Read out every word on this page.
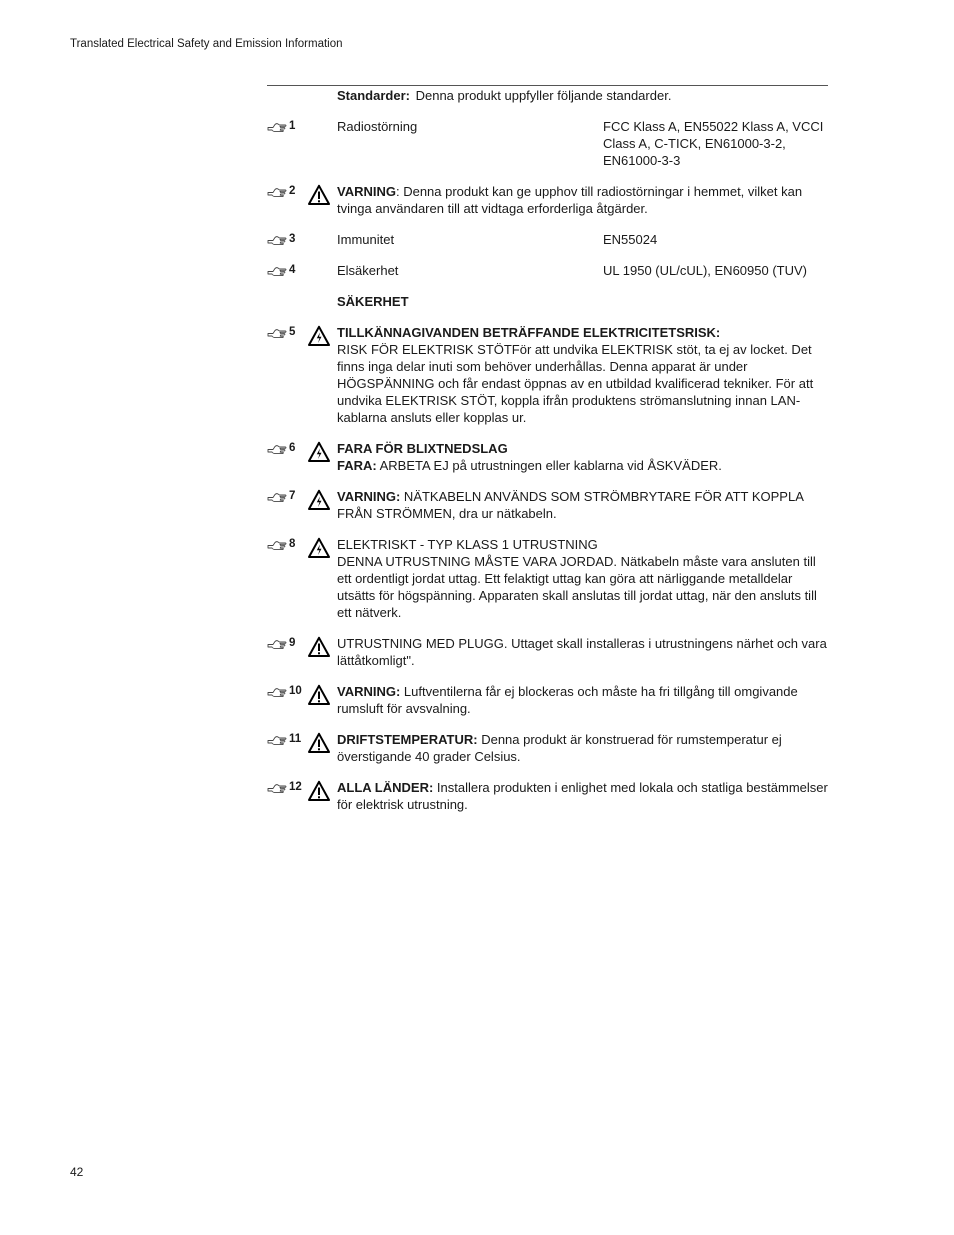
Translated Electrical Safety and Emission Information
Standarder: Denna produkt uppfyller följande standarder.
1	Radiostörning	FCC Klass A, EN55022 Klass A, VCCI Class A, C-TICK, EN61000-3-2, EN61000-3-3
2	VARNING: Denna produkt kan ge upphov till radiostörningar i hemmet, vilket kan tvinga användaren till att vidtaga erforderliga åtgärder.
3	Immunitet	EN55024
4	Elsäkerhet	UL 1950 (UL/cUL), EN60950 (TUV)
SÄKERHET
5	TILLKÄNNAGIVANDEN BETRÄFFANDE ELEKTRICITETSRISK:

RISK FÖR ELEKTRISK STÖTFör att undvika ELEKTRISK stöt, ta ej av locket. Det finns inga delar inuti som behöver underhållas. Denna apparat är under HÖGSPÄNNING och får endast öppnas av en utbildad kvalificerad tekniker. För att undvika ELEKTRISK STÖT, koppla ifrån produktens strömanslutning innan LAN-kablarna ansluts eller kopplas ur.

6	FARA FÖR BLIXTNEDSLAG

FARA: ARBETA EJ på utrustningen eller kablarna vid ÅSKVÄDER.

7	VARNING: NÄTKABELN ANVÄNDS SOM STRÖMBRYTARE FÖR ATT KOPPLA FRÅN STRÖMMEN, dra ur nätkabeln.
8	ELEKTRISKT - TYP KLASS 1 UTRUSTNING

DENNA UTRUSTNING MÅSTE VARA JORDAD. Nätkabeln måste vara ansluten till ett ordentligt jordat uttag. Ett felaktigt uttag kan göra att närliggande metalldelar utsätts för högspänning. Apparaten skall anslutas till jordat uttag, när den ansluts till ett nätverk.

9	UTRUSTNING MED PLUGG. Uttaget skall installeras i utrustningens närhet och vara lättåtkomligt".
10	VARNING: Luftventilerna får ej blockeras och måste ha fri tillgång till omgivande rumsluft för avsvalning.
11	DRIFTSTEMPERATUR: Denna produkt är konstruerad för rumstemperatur ej överstigande 40 grader Celsius.
12	ALLA LÄNDER: Installera produkten i enlighet med lokala och statliga bestämmelser för elektrisk utrustning.
42
